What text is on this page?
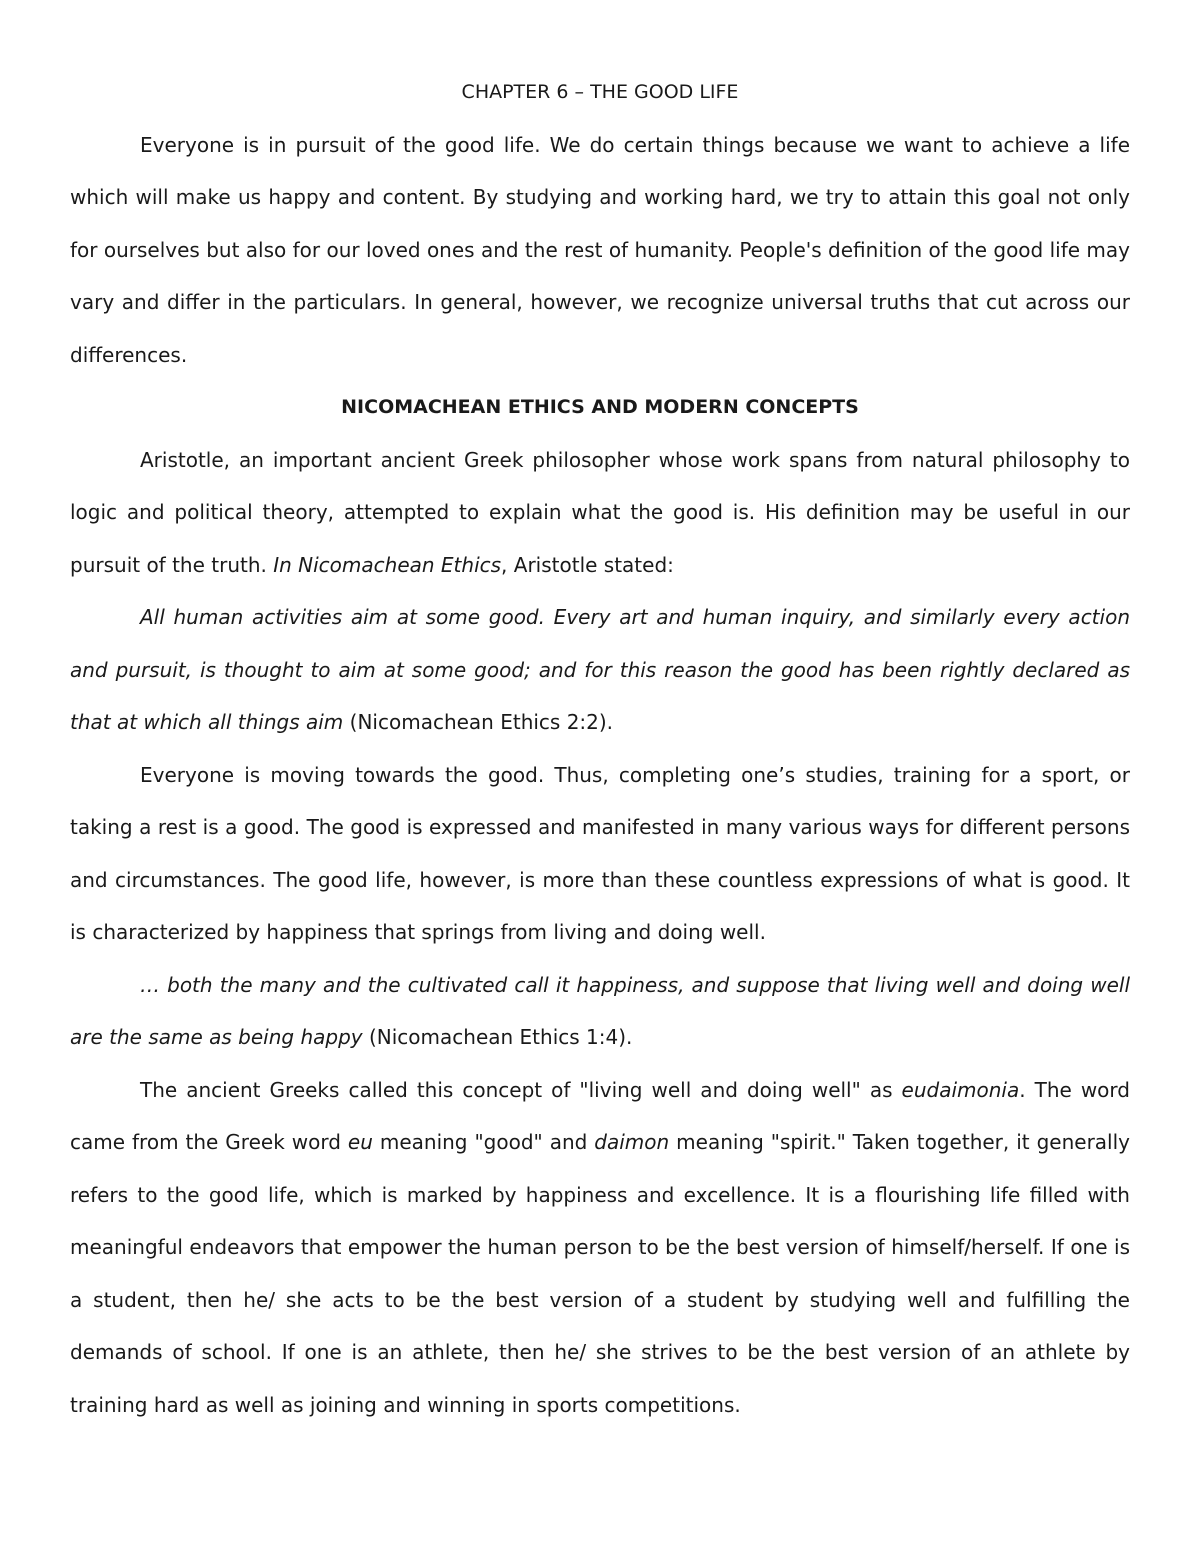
CHAPTER 6 – THE GOOD LIFE

Everyone is in pursuit of the good life. We do certain things because we want to achieve a life which will make us happy and content. By studying and working hard, we try to attain this goal not only for ourselves but also for our loved ones and the rest of humanity. People's definition of the good life may vary and differ in the particulars. In general, however, we recognize universal truths that cut across our differences.

NICOMACHEAN ETHICS AND MODERN CONCEPTS

Aristotle, an important ancient Greek philosopher whose work spans from natural philosophy to logic and political theory, attempted to explain what the good is. His definition may be useful in our pursuit of the truth. In Nicomachean Ethics, Aristotle stated:

All human activities aim at some good. Every art and human inquiry, and similarly every action and pursuit, is thought to aim at some good; and for this reason the good has been rightly declared as that at which all things aim (Nicomachean Ethics 2:2).

Everyone is moving towards the good. Thus, completing one’s studies, training for a sport, or taking a rest is a good. The good is expressed and manifested in many various ways for different persons and circumstances. The good life, however, is more than these countless expressions of what is good. It is characterized by happiness that springs from living and doing well.

… both the many and the cultivated call it happiness, and suppose that living well and doing well are the same as being happy (Nicomachean Ethics 1:4).

The ancient Greeks called this concept of "living well and doing well" as eudaimonia. The word came from the Greek word eu meaning "good" and daimon meaning "spirit." Taken together, it generally refers to the good life, which is marked by happiness and excellence. It is a flourishing life filled with meaningful endeavors that empower the human person to be the best version of himself/herself. If one is a student, then he/ she acts to be the best version of a student by studying well and fulfilling the demands of school. If one is an athlete, then he/ she strives to be the best version of an athlete by training hard as well as joining and winning in sports competitions.
